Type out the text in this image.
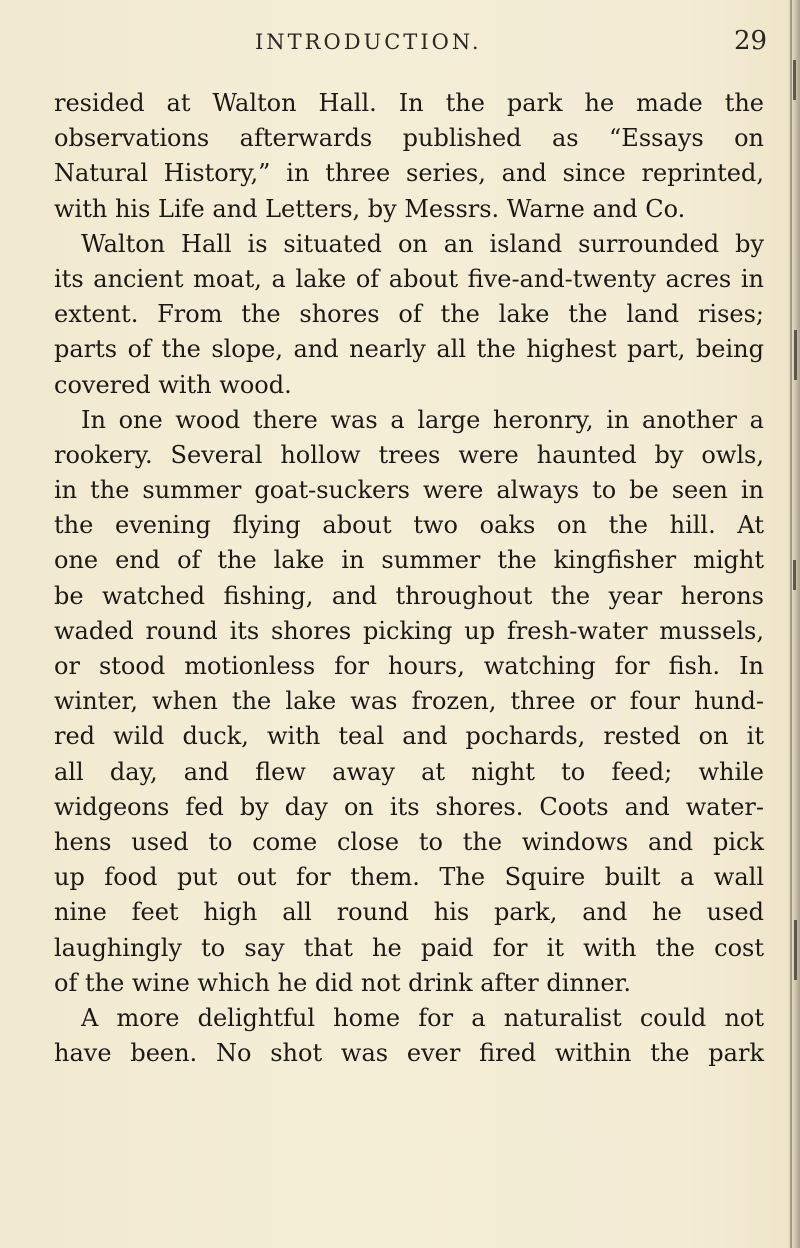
INTRODUCTION.	29
resided at Walton Hall. In the park he made the
observations afterwards published as “Essays on
Natural History,” in three series, and since reprinted,
with his Life and Letters, by Messrs. Warne and Co.
Walton Hall is situated on an island surrounded by
its ancient moat, a lake of about five-and-twenty acres in
extent. From the shores of the lake the land rises;
parts of the slope, and nearly all the highest part, being
covered with wood.
In one wood there was a large heronry, in another a
rookery. Several hollow trees were haunted by owls,
in the summer goat-suckers were always to be seen in
the evening flying about two oaks on the hill. At
one end of the lake in summer the kingfisher might
be watched fishing, and throughout the year herons
waded round its shores picking up fresh-water mussels,
or stood motionless for hours, watching for fish. In
winter, when the lake was frozen, three or four hund-
red wild duck, with teal and pochards, rested on it
all day, and flew away at night to feed; while
widgeons fed by day on its shores. Coots and water-
hens used to come close to the windows and pick
up food put out for them. The Squire built a wall
nine feet high all round his park, and he used
laughingly to say that he paid for it with the cost
of the wine which he did not drink after dinner.
A more delightful home for a naturalist could not
have been. No shot was ever fired within the park
